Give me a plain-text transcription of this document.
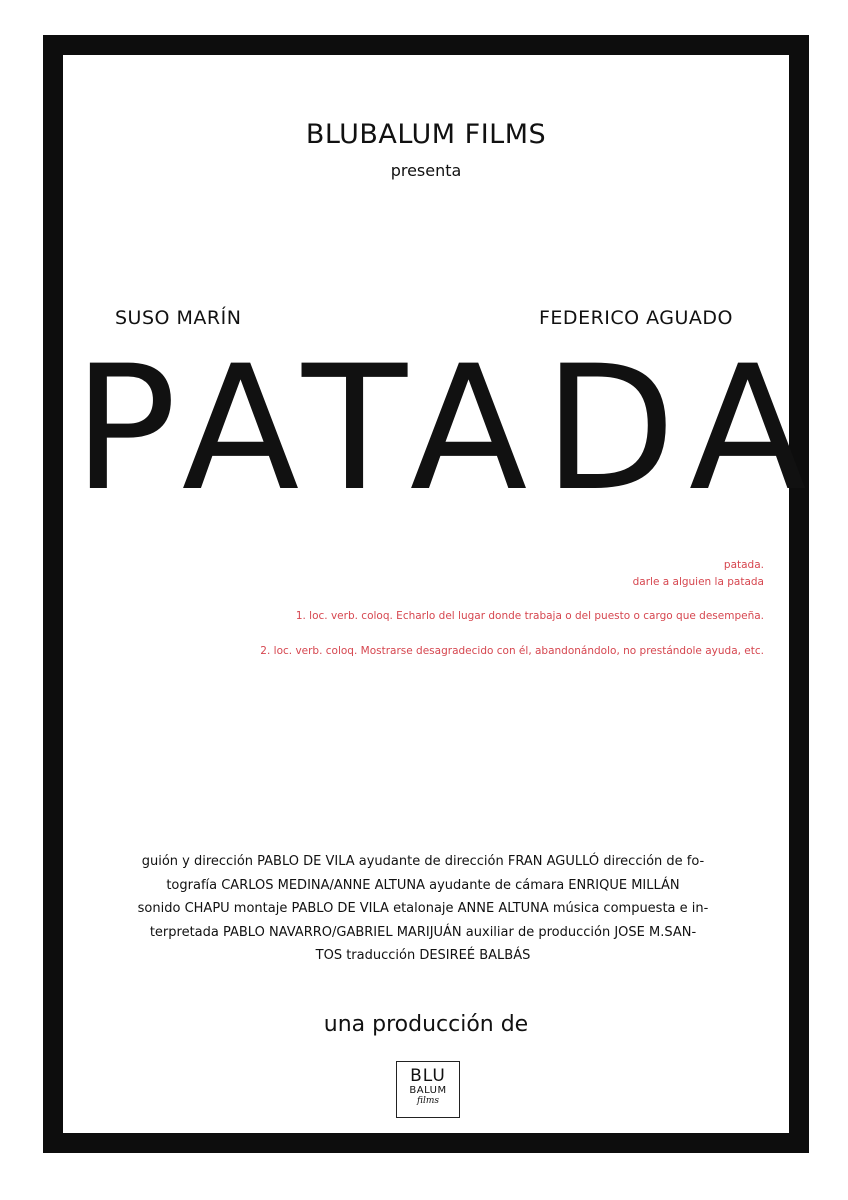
BLUBALUM FILMS
presenta
SUSO MARÍN	FEDERICO AGUADO
PATADA
patada.
darle a alguien la patada
1. loc. verb. coloq. Echarlo del lugar donde trabaja o del puesto o cargo que desempeña.
2. loc. verb. coloq. Mostrarse desagradecido con él, abandonándolo, no prestándole ayuda, etc.
guión y dirección PABLO DE VILA ayudante de dirección FRAN AGULLÓ dirección de fo-
tografía CARLOS MEDINA/ANNE ALTUNA ayudante de cámara ENRIQUE MILLÁN
sonido CHAPU montaje PABLO DE VILA etalonaje ANNE ALTUNA música compuesta e in-
terpretada PABLO NAVARRO/GABRIEL MARIJUÁN auxiliar de producción JOSE M.SAN-
TOS traducción DESIREÉ BALBÁS
una producción de
BLU
BALUM
films
